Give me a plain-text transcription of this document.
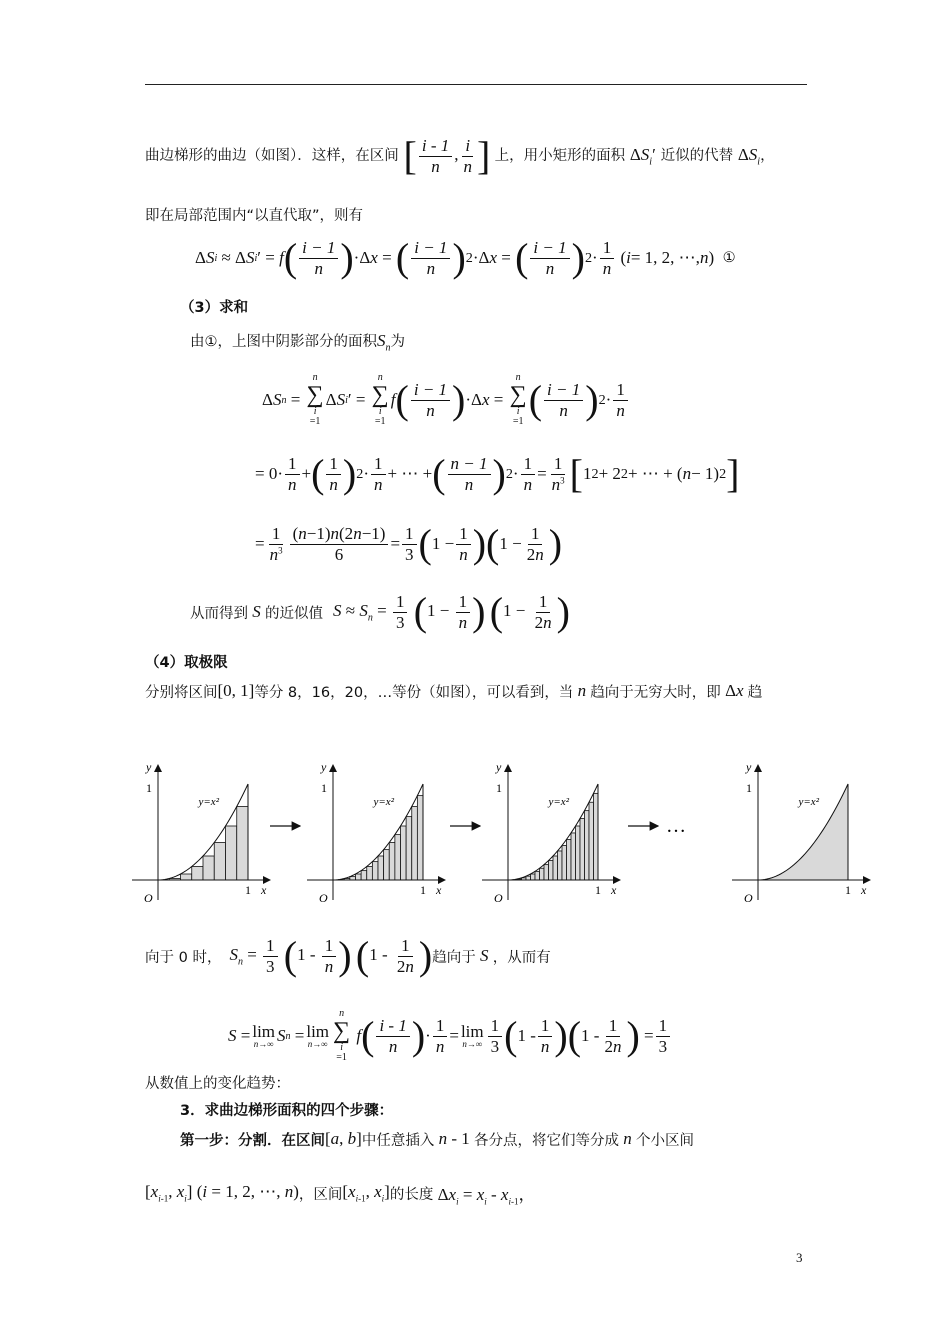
曲边梯形的曲边（如图）．这样，在区间 [ $\frac{i - 1}{n}$ , $\frac{i}{n}$ ] 上，用小矩形的面积 $\Delta S_i'$ 近似的代替 $\Delta S_i$，
即在局部范围内“以直代取”，则有
Δ S i ≈ Δ S i ′ = f ( $\frac{i - 1}{n}$ ) ·Δ x = ( $\frac{i - 1}{n}$ ) 2 ·Δ x = ( $\frac{i - 1}{n}$ ) $2 \cdot \frac{1}{n}$ ( i = 1, 2, ⋯, n ) ①
（3）求和
由①，上图中阴影部分的面积$S_n$为
Δ S n =
n
∑
i
=1
Δ S i ′ =
n
∑
i
=1
f ( $\frac{i - 1}{n}$ ) ·Δ x =
n
∑
i
=1 ( $\frac{i - 1}{n}$ ) $2 \cdot \frac{1}{n}$
= $0\cdot \frac{1}{n}$ + ( $\frac{1}{n}$ ) $2 \cdot \frac{1}{n}$ + ⋯ + ( $\frac{n - 1}{n}$ ) $2 \cdot \frac{1}{n} = \frac{1}{n^3}$ [ 1 2 + 2 2 + ⋯ + ( n − 1) 2 ]
= $\frac{1}{n^3} \frac{(n-1)n(2n-1)}{6} = \frac{1}{3}$ ( $1 - \frac{1}{n}$ ) ( $1 - \frac{1}{2n}$ )
从而得到 S 的近似值 $S \approx S_n = \frac{1}{3} (1 - \frac{1}{n}$ ) ($1 - \frac{1}{2n}$ )
（4）取极限
分别将区间 [0, 1] 等分 8，16，20，…等份（如图），可以看到，当 n 趋向于无穷大时，即 Δx 趋
y
x
O
1
1
y=x²
y
x
O
1
1
y=x²
y
x
O
1
1
y=x²
y
x
O
1
1
y=x²
…
向于 0 时， $S_n = \frac{1}{3} (1 - \frac{1}{n}$ ) ($1 - \frac{1}{2n}$ ) 趋向于 S ，从而有
S = lim
n→∞ S n = lim
n→∞
n
∑
i
=1

f ( $\frac{i - 1}{n}$ ) · $\frac{1}{n} = \lim$
$n\to\infty \frac{1}{3}$ ( $1 - \frac{1}{n}$ ) ( $1 - \frac{1}{2n}$ ) = $\frac{1}{3}$
从数值上的变化趋势：
3．求曲边梯形面积的四个步骤：
第一步：分割．在区间 [a, b] 中任意插入 n - 1 各分点，将它们等分成 n 个小区间
[$x_{i-1}$, $x_i$] (i = 1, 2, ⋯, n) ，区间 [$x_{i-1}$, $x_i$] 的长度 $\Delta x_i = x_i - x_{i-1}$，
3
